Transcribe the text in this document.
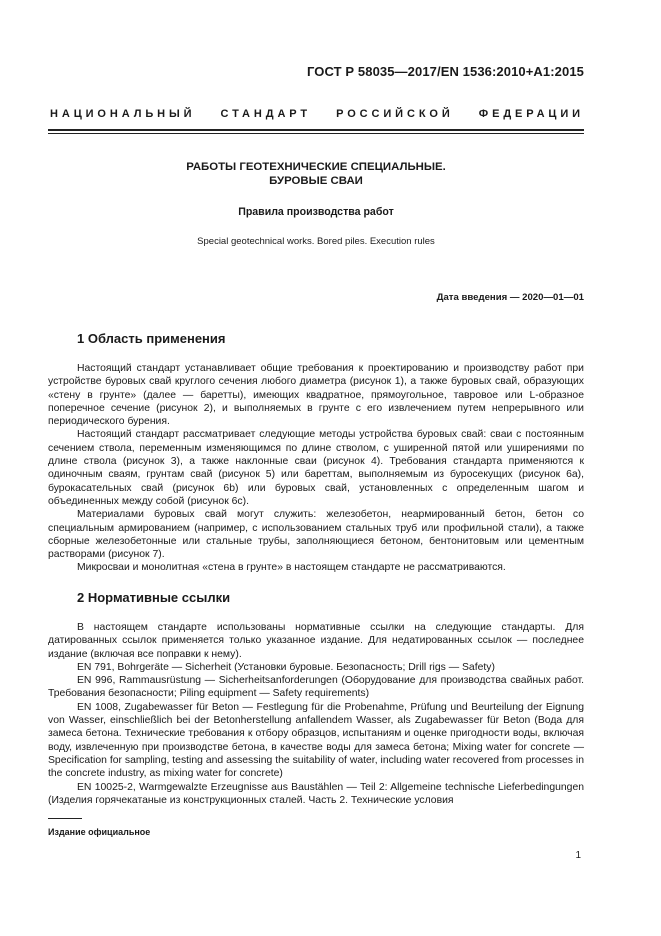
ГОСТ Р 58035—2017/EN 1536:2010+A1:2015
НАЦИОНАЛЬНЫЙ СТАНДАРТ РОССИЙСКОЙ ФЕДЕРАЦИИ
РАБОТЫ ГЕОТЕХНИЧЕСКИЕ СПЕЦИАЛЬНЫЕ.
БУРОВЫЕ СВАИ
Правила производства работ
Special geotechnical works. Bored piles. Execution rules
Дата введения — 2020—01—01
1 Область применения

Настоящий стандарт устанавливает общие требования к проектированию и производству работ при устройстве буровых свай круглого сечения любого диаметра (рисунок 1), а также буровых свай, образующих «стену в грунте» (далее — баретты), имеющих квадратное, прямоугольное, тавровое или L-образное поперечное сечение (рисунок 2), и выполняемых в грунте с его извлечением путем непрерывного или периодического бурения.

Настоящий стандарт рассматривает следующие методы устройства буровых свай: сваи с постоянным сечением ствола, переменным изменяющимся по длине стволом, с уширенной пятой или уширениями по длине ствола (рисунок 3), а также наклонные сваи (рисунок 4). Требования стандарта применяются к одиночным сваям, грунтам свай (рисунок 5) или бареттам, выполняемым из буросекущих (рисунок 6a), бурокасательных свай (рисунок 6b) или буровых свай, установленных с определенным шагом и объединенных между собой (рисунок 6c).

Материалами буровых свай могут служить: железобетон, неармированный бетон, бетон со специальным армированием (например, с использованием стальных труб или профильной стали), а также сборные железобетонные или стальные трубы, заполняющиеся бетоном, бентонитовым или цементным растворами (рисунок 7).

Микросваи и монолитная «стена в грунте» в настоящем стандарте не рассматриваются.

2 Нормативные ссылки

В настоящем стандарте использованы нормативные ссылки на следующие стандарты. Для датированных ссылок применяется только указанное издание. Для недатированных ссылок — последнее издание (включая все поправки к нему).

EN 791, Bohrgeräte — Sicherheit (Установки буровые. Безопасность; Drill rigs — Safety)

EN 996, Rammausrüstung — Sicherheitsanforderungen (Оборудование для производства свайных работ. Требования безопасности; Piling equipment — Safety requirements)

EN 1008, Zugabewasser für Beton — Festlegung für die Probenahme, Prüfung und Beurteilung der Eignung von Wasser, einschließlich bei der Betonherstellung anfallendem Wasser, als Zugabewasser für Beton (Вода для замеса бетона. Технические требования к отбору образцов, испытаниям и оценке пригодности воды, включая воду, извлеченную при производстве бетона, в качестве воды для замеса бетона; Mixing water for concrete — Specification for sampling, testing and assessing the suitability of water, including water recovered from processes in the concrete industry, as mixing water for concrete)

EN 10025-2, Warmgewalzte Erzeugnisse aus Baustählen — Teil 2: Allgemeine technische Lieferbedingungen (Изделия горячекатаные из конструкционных сталей. Часть 2. Технические условия

Издание официальное
1
